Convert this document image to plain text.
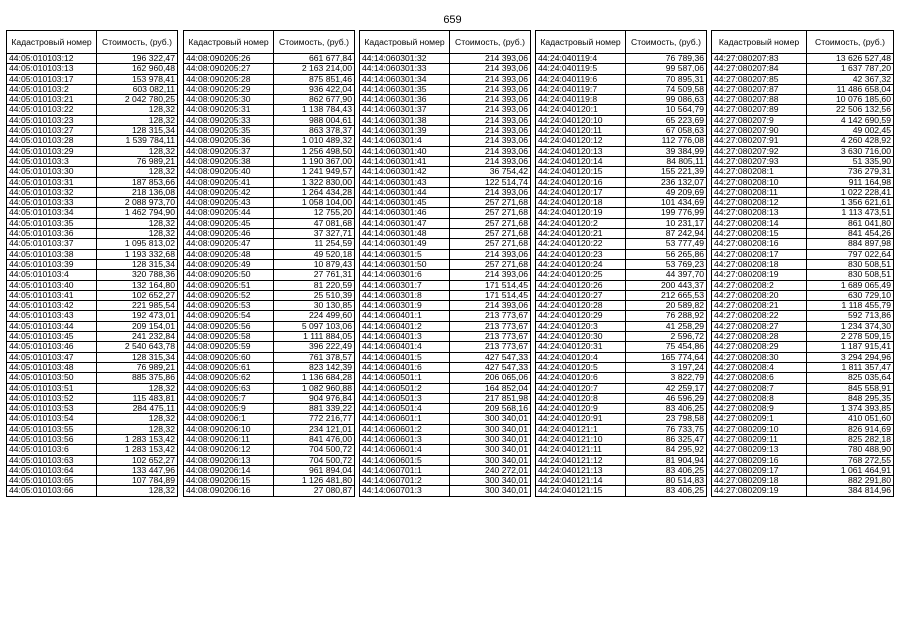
659
Кадастровый номер	Стоимость, (руб.)
44:05:010103:12	196 322,47
44:05:010103:13	162 960,48
44:05:010103:17	153 978,41
44:05:010103:2	603 082,11
44:05:010103:21	2 042 780,25
44:05:010103:22	128,32
44:05:010103:23	128,32
44:05:010103:27	128 315,34
44:05:010103:28	1 539 784,11
44:05:010103:29	128,32
44:05:010103:3	76 989,21
44:05:010103:30	128,32
44:05:010103:31	187 853,66
44:05:010103:32	218 136,08
44:05:010103:33	2 088 973,70
44:05:010103:34	1 462 794,90
44:05:010103:35	128,32
44:05:010103:36	128,32
44:05:010103:37	1 095 813,02
44:05:010103:38	1 193 332,68
44:05:010103:39	128 315,34
44:05:010103:4	320 788,36
44:05:010103:40	132 164,80
44:05:010103:41	102 652,27
44:05:010103:42	221 985,54
44:05:010103:43	192 473,01
44:05:010103:44	209 154,01
44:05:010103:45	241 232,84
44:05:010103:46	2 540 643,78
44:05:010103:47	128 315,34
44:05:010103:48	76 989,21
44:05:010103:50	885 375,86
44:05:010103:51	128,32
44:05:010103:52	115 483,81
44:05:010103:53	284 475,11
44:05:010103:54	128,32
44:05:010103:55	128,32
44:05:010103:56	1 283 153,42
44:05:010103:6	1 283 153,42
44:05:010103:63	102 652,27
44:05:010103:64	133 447,96
44:05:010103:65	107 784,89
44:05:010103:66	128,32
Кадастровый номер	Стоимость, (руб.)
44:08:090205:26	661 677,84
44:08:090205:27	2 163 214,00
44:08:090205:28	875 851,46
44:08:090205:29	936 422,04
44:08:090205:30	862 677,90
44:08:090205:31	1 138 784,43
44:08:090205:33	988 004,61
44:08:090205:35	863 378,37
44:08:090205:36	1 010 489,32
44:08:090205:37	1 256 498,50
44:08:090205:38	1 190 367,00
44:08:090205:40	1 241 949,57
44:08:090205:41	1 322 830,00
44:08:090205:42	1 264 434,28
44:08:090205:43	1 058 104,00
44:08:090205:44	12 755,20
44:08:090205:45	47 081,68
44:08:090205:46	37 327,71
44:08:090205:47	11 254,59
44:08:090205:48	49 520,18
44:08:090205:49	10 879,43
44:08:090205:50	27 761,31
44:08:090205:51	81 220,59
44:08:090205:52	25 510,39
44:08:090205:53	30 130,85
44:08:090205:54	224 499,60
44:08:090205:56	5 097 103,06
44:08:090205:58	1 111 884,05
44:08:090205:59	396 222,49
44:08:090205:60	761 378,57
44:08:090205:61	823 142,39
44:08:090205:62	1 136 684,28
44:08:090205:63	1 082 960,88
44:08:090205:7	904 976,84
44:08:090205:9	881 339,22
44:08:090206:1	772 216,77
44:08:090206:10	234 121,01
44:08:090206:11	841 476,00
44:08:090206:12	704 500,72
44:08:090206:13	704 500,72
44:08:090206:14	961 894,04
44:08:090206:15	1 126 481,80
44:08:090206:16	27 080,87
Кадастровый номер	Стоимость, (руб.)
44:14:060301:32	214 393,06
44:14:060301:33	214 393,06
44:14:060301:34	214 393,06
44:14:060301:35	214 393,06
44:14:060301:36	214 393,06
44:14:060301:37	214 393,06
44:14:060301:38	214 393,06
44:14:060301:39	214 393,06
44:14:060301:4	214 393,06
44:14:060301:40	214 393,06
44:14:060301:41	214 393,06
44:14:060301:42	36 754,42
44:14:060301:43	122 514,74
44:14:060301:44	214 393,06
44:14:060301:45	257 271,68
44:14:060301:46	257 271,68
44:14:060301:47	257 271,68
44:14:060301:48	257 271,68
44:14:060301:49	257 271,68
44:14:060301:5	214 393,06
44:14:060301:50	257 271,68
44:14:060301:6	214 393,06
44:14:060301:7	171 514,45
44:14:060301:8	171 514,45
44:14:060301:9	214 393,06
44:14:060401:1	213 773,67
44:14:060401:2	213 773,67
44:14:060401:3	213 773,67
44:14:060401:4	213 773,67
44:14:060401:5	427 547,33
44:14:060401:6	427 547,33
44:14:060501:1	206 065,06
44:14:060501:2	164 852,04
44:14:060501:3	217 851,98
44:14:060501:4	209 568,16
44:14:060601:1	300 340,01
44:14:060601:2	300 340,01
44:14:060601:3	300 340,01
44:14:060601:4	300 340,01
44:14:060601:5	300 340,01
44:14:060701:1	240 272,01
44:14:060701:2	300 340,01
44:14:060701:3	300 340,01
Кадастровый номер	Стоимость, (руб.)
44:24:040119:4	76 789,36
44:24:040119:5	99 587,06
44:24:040119:6	70 895,31
44:24:040119:7	74 509,58
44:24:040119:8	99 086,63
44:24:040120:1	10 564,79
44:24:040120:10	65 223,69
44:24:040120:11	67 058,63
44:24:040120:12	112 776,08
44:24:040120:13	39 384,99
44:24:040120:14	84 805,11
44:24:040120:15	155 221,39
44:24:040120:16	236 132,07
44:24:040120:17	49 209,69
44:24:040120:18	101 434,69
44:24:040120:19	199 776,99
44:24:040120:2	10 231,17
44:24:040120:21	87 242,94
44:24:040120:22	53 777,49
44:24:040120:23	56 265,86
44:24:040120:24	53 769,23
44:24:040120:25	44 397,70
44:24:040120:26	200 443,37
44:24:040120:27	212 665,53
44:24:040120:28	20 589,82
44:24:040120:29	76 288,92
44:24:040120:3	41 258,29
44:24:040120:30	2 596,72
44:24:040120:31	75 454,86
44:24:040120:4	165 774,64
44:24:040120:5	3 197,24
44:24:040120:6	3 822,79
44:24:040120:7	42 259,17
44:24:040120:8	46 596,29
44:24:040120:9	83 406,25
44:24:040120:91	23 798,58
44:24:040121:1	76 733,75
44:24:040121:10	86 325,47
44:24:040121:11	84 295,92
44:24:040121:12	81 904,94
44:24:040121:13	83 406,25
44:24:040121:14	80 514,83
44:24:040121:15	83 406,25
Кадастровый номер	Стоимость, (руб.)
44:27:080207:83	13 626 527,48
44:27:080207:84	1 637 787,20
44:27:080207:85	42 367,32
44:27:080207:87	11 486 658,04
44:27:080207:88	10 076 185,60
44:27:080207:89	22 506 132,56
44:27:080207:9	4 142 690,59
44:27:080207:90	49 002,45
44:27:080207:91	4 260 428,92
44:27:080207:92	3 630 716,00
44:27:080207:93	51 335,90
44:27:080208:1	736 279,31
44:27:080208:10	911 164,98
44:27:080208:11	1 022 228,41
44:27:080208:12	1 356 621,61
44:27:080208:13	1 113 473,51
44:27:080208:14	861 041,80
44:27:080208:15	841 454,26
44:27:080208:16	884 897,98
44:27:080208:17	797 022,64
44:27:080208:18	830 508,51
44:27:080208:19	830 508,51
44:27:080208:2	1 689 065,49
44:27:080208:20	630 729,10
44:27:080208:21	1 118 455,79
44:27:080208:22	592 713,86
44:27:080208:27	1 234 374,30
44:27:080208:28	2 278 509,15
44:27:080208:29	1 187 915,41
44:27:080208:30	3 294 294,96
44:27:080208:4	1 811 357,47
44:27:080208:6	825 035,64
44:27:080208:7	845 558,91
44:27:080208:8	848 295,35
44:27:080208:9	1 374 393,85
44:27:080209:1	410 051,60
44:27:080209:10	826 914,69
44:27:080209:11	825 282,18
44:27:080209:13	780 488,90
44:27:080209:16	768 272,55
44:27:080209:17	1 061 464,91
44:27:080209:18	882 291,80
44:27:080209:19	384 814,96
